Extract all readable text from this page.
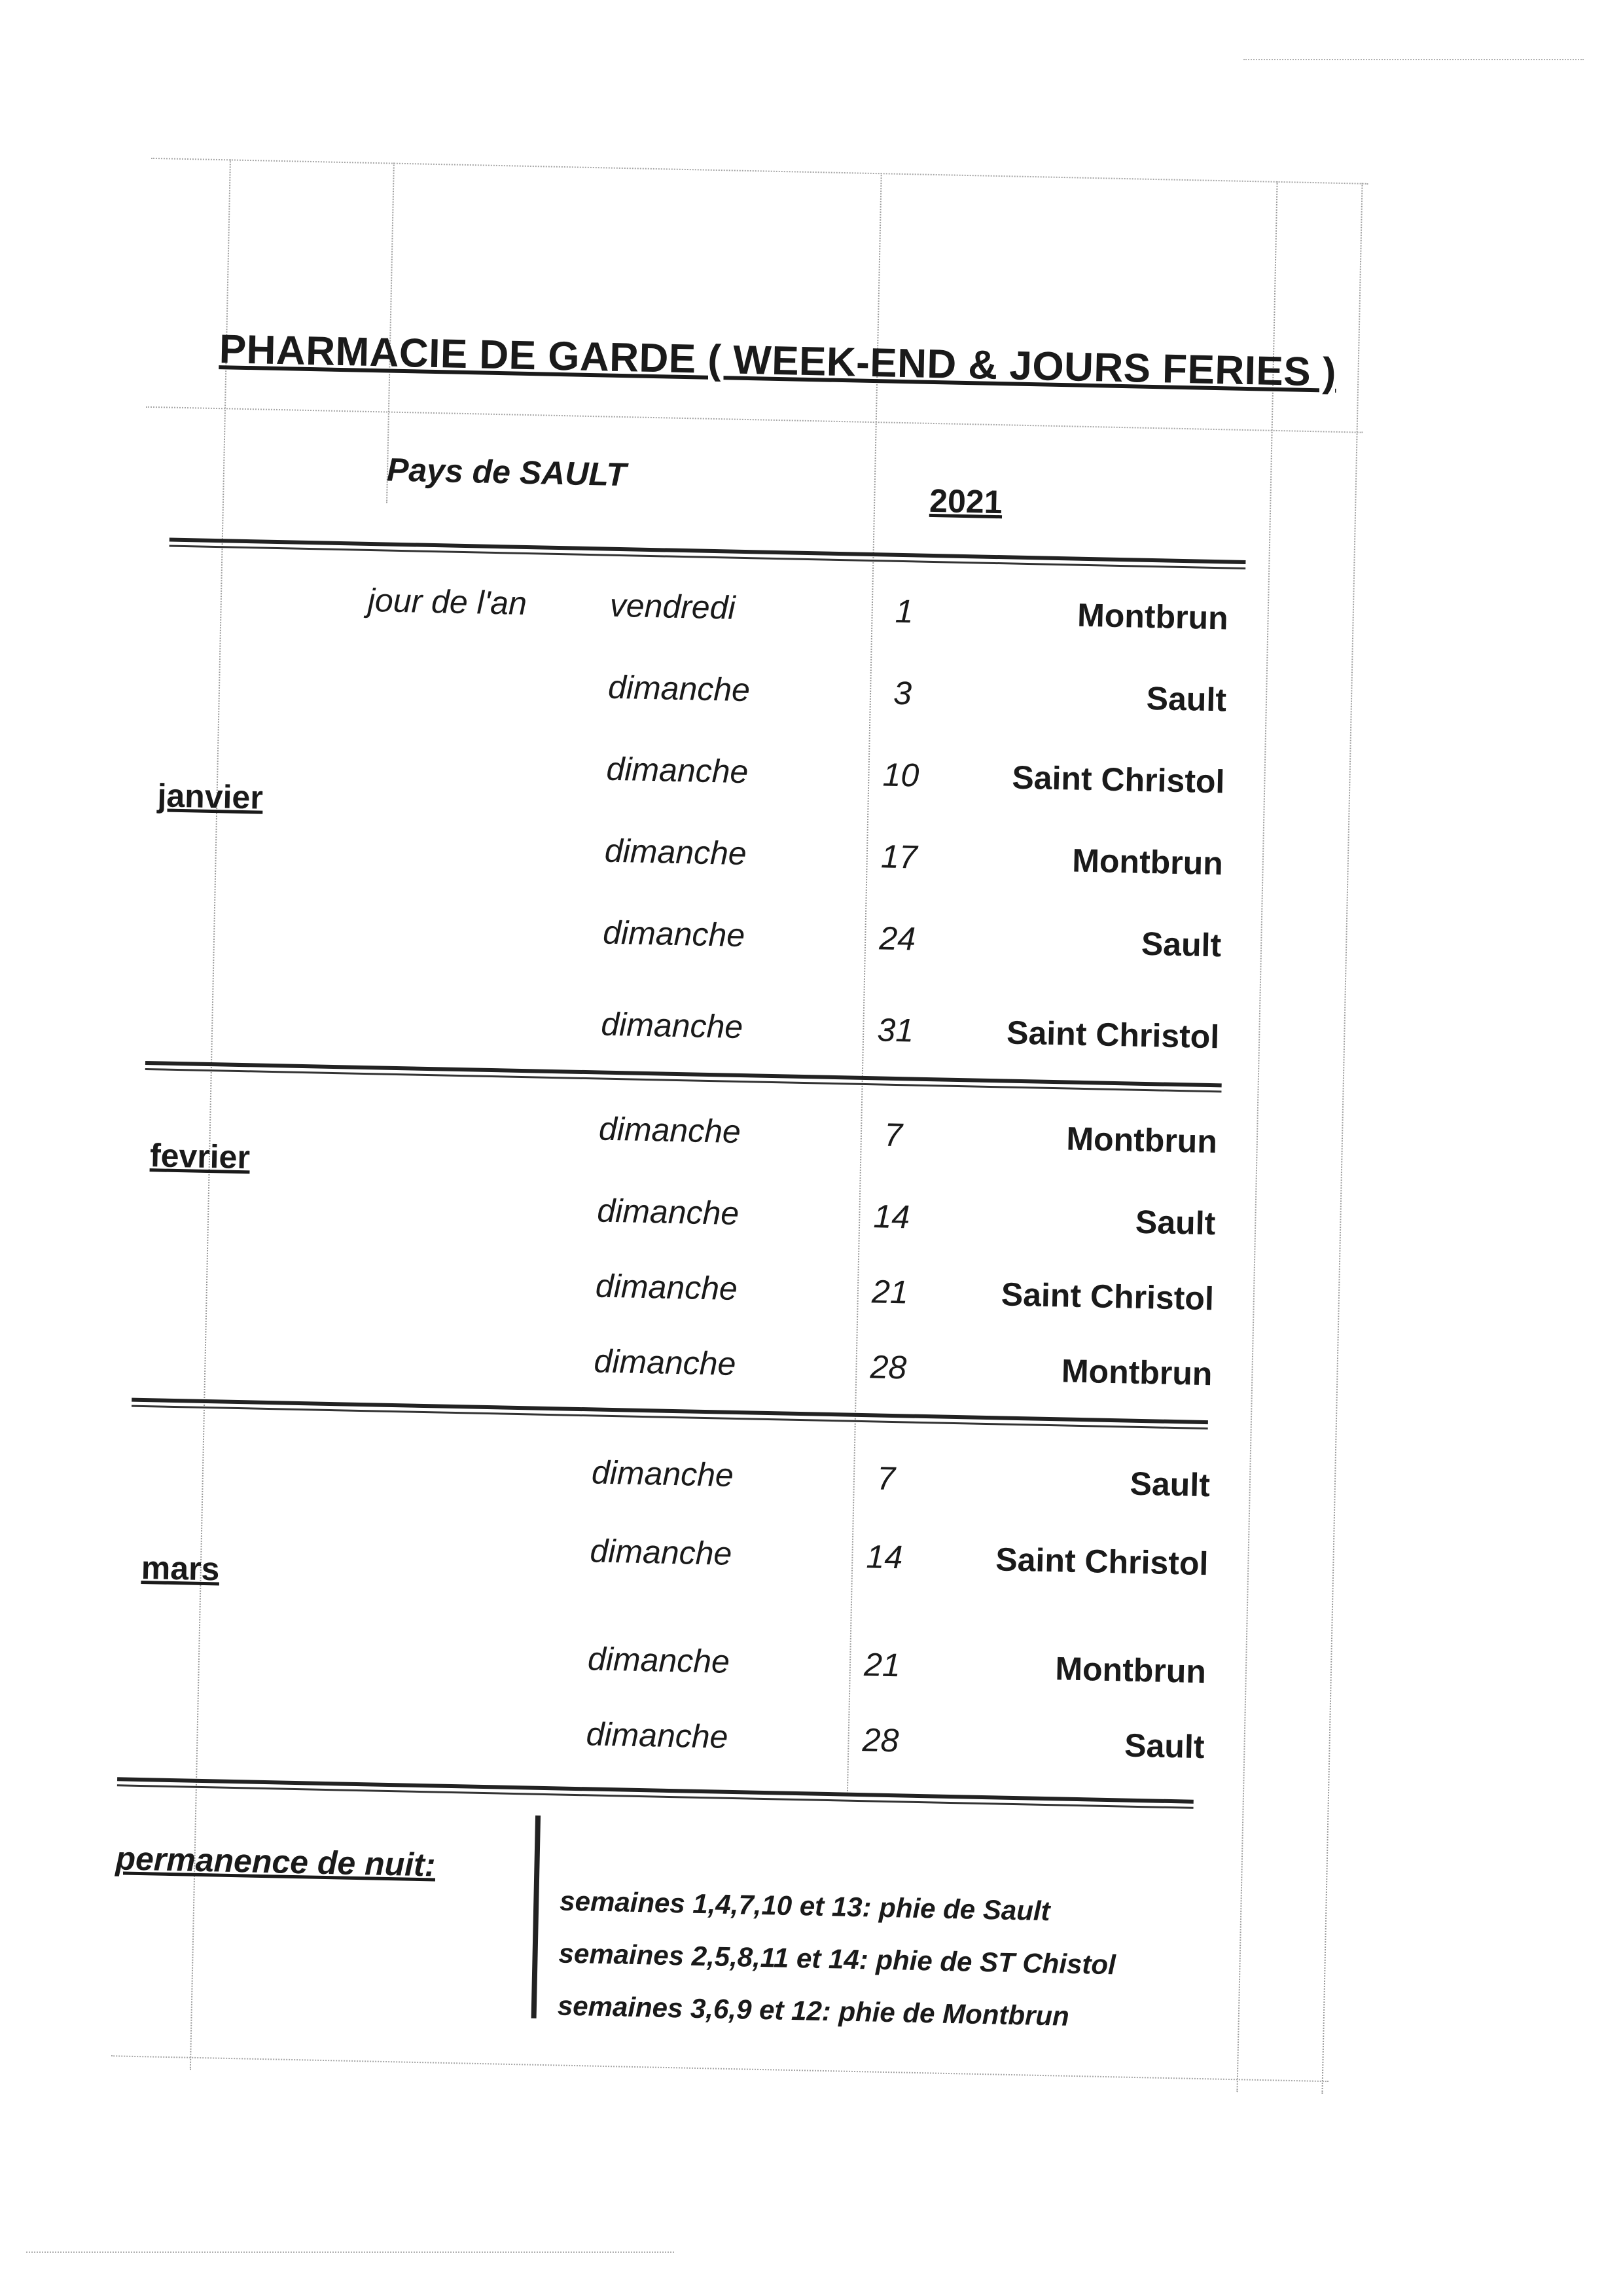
PHARMACIE DE GARDE ( WEEK-END & JOURS FERIES )
Pays de SAULT
2021
janvier
jour de l'an	vendredi	1	Montbrun
dimanche	3	Sault
dimanche	10	Saint Christol
dimanche	17	Montbrun
dimanche	24	Sault
dimanche	31	Saint Christol
fevrier
dimanche	7	Montbrun
dimanche	14	Sault
dimanche	21	Saint Christol
dimanche	28	Montbrun
mars
dimanche	7	Sault
dimanche	14	Saint Christol
dimanche	21	Montbrun
dimanche	28	Sault
permanence de nuit:
semaines 1,4,7,10 et 13: phie de Sault
semaines 2,5,8,11 et 14: phie de ST Chistol
semaines 3,6,9 et 12: phie de Montbrun
